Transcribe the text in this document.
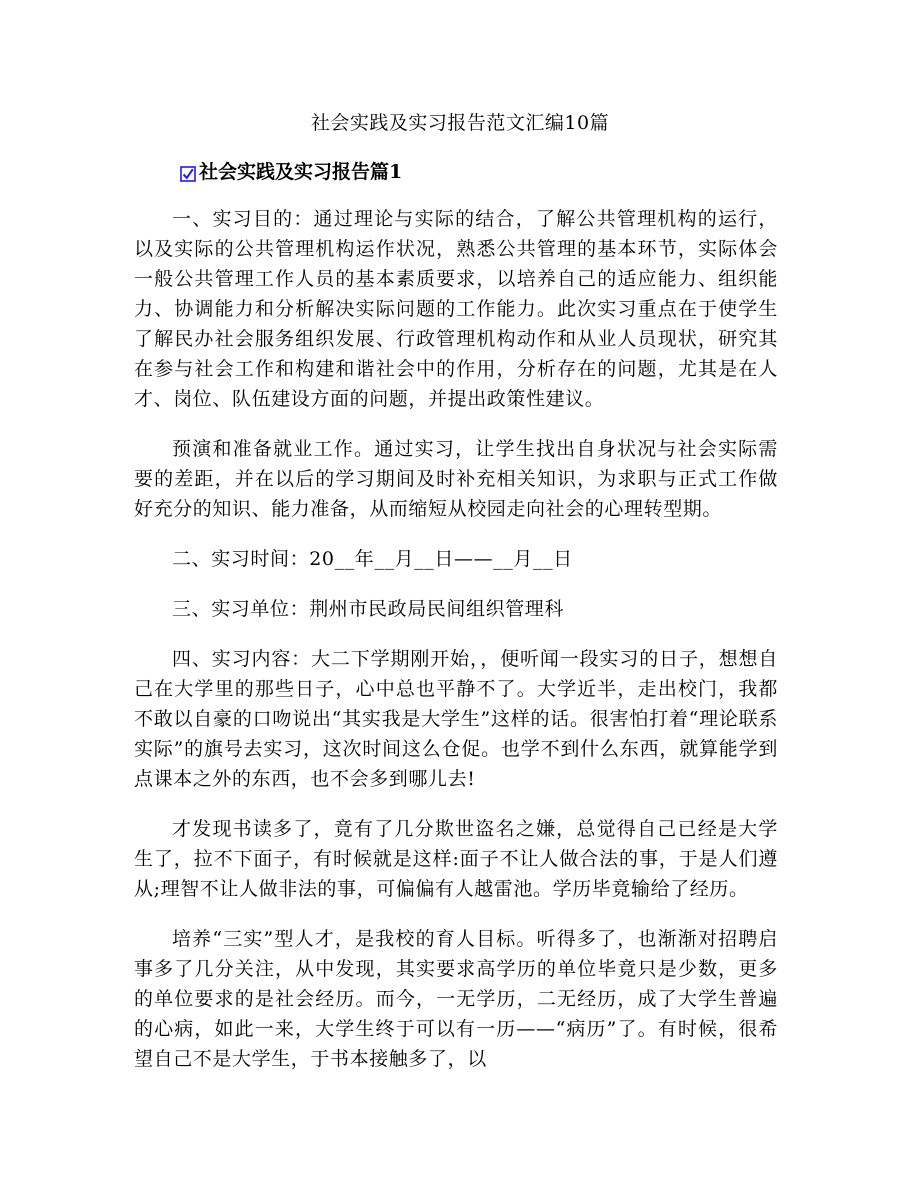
社会实践及实习报告范文汇编10篇
社会实践及实习报告篇1

一、实习目的：通过理论与实际的结合，了解公共管理机构的运行，以及实际的公共管理机构运作状况，熟悉公共管理的基本环节，实际体会一般公共管理工作人员的基本素质要求，以培养自己的适应能力、组织能力、协调能力和分析解决实际问题的工作能力。此次实习重点在于使学生了解民办社会服务组织发展、行政管理机构动作和从业人员现状，研究其在参与社会工作和构建和谐社会中的作用，分析存在的问题，尤其是在人才、岗位、队伍建设方面的问题，并提出政策性建议。

预演和准备就业工作。通过实习，让学生找出自身状况与社会实际需要的差距，并在以后的学习期间及时补充相关知识，为求职与正式工作做好充分的知识、能力准备，从而缩短从校园走向社会的心理转型期。

二、实习时间：20__年__月__日——__月__日

三、实习单位：荆州市民政局民间组织管理科

四、实习内容：大二下学期刚开始，，便听闻一段实习的日子，想想自己在大学里的那些日子，心中总也平静不了。大学近半，走出校门，我都不敢以自豪的口吻说出“其实我是大学生”这样的话。很害怕打着“理论联系实际”的旗号去实习，这次时间这么仓促。也学不到什么东西，就算能学到点课本之外的东西，也不会多到哪儿去!

才发现书读多了，竟有了几分欺世盗名之嫌，总觉得自己已经是大学生了，拉不下面子，有时候就是这样:面子不让人做合法的事，于是人们遵从;理智不让人做非法的事，可偏偏有人越雷池。学历毕竟输给了经历。

培养“三实”型人才，是我校的育人目标。听得多了，也渐渐对招聘启事多了几分关注，从中发现，其实要求高学历的单位毕竟只是少数，更多的单位要求的是社会经历。而今，一无学历，二无经历，成了大学生普遍的心病，如此一来，大学生终于可以有一历——“病历”了。有时候，很希望自己不是大学生，于书本接触多了，以
